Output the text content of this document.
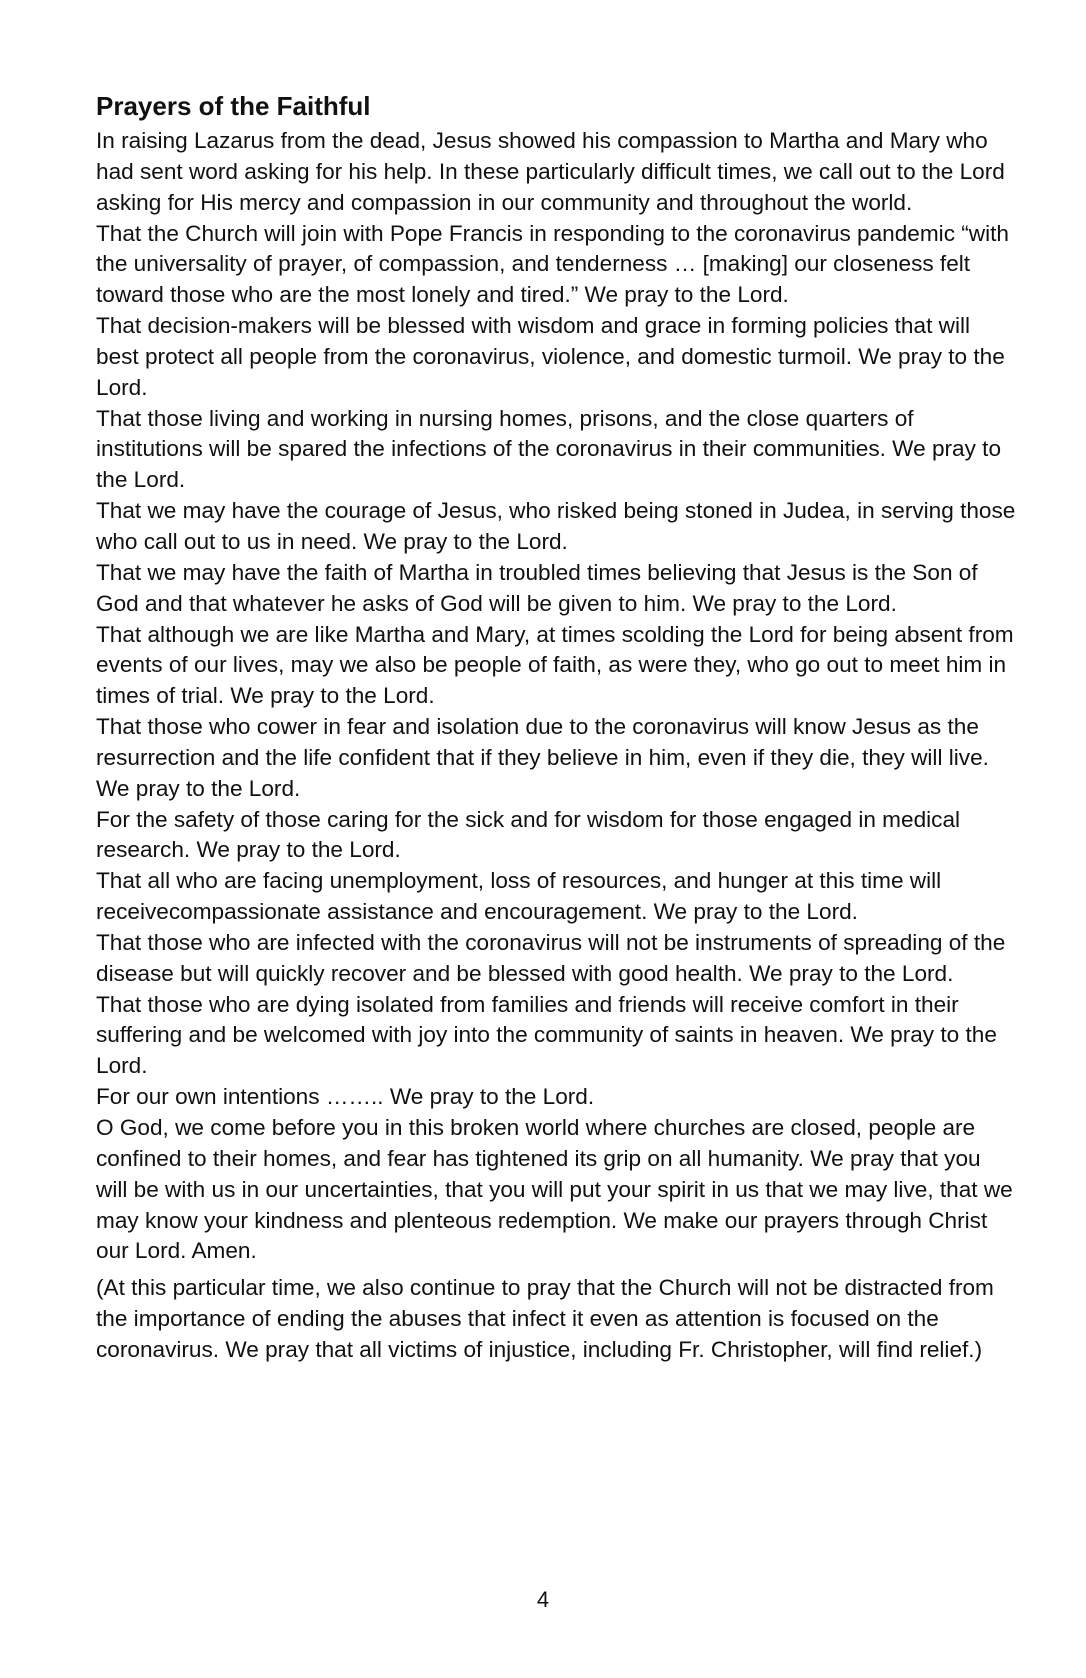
Prayers of the Faithful

In raising Lazarus from the dead, Jesus showed his compassion to Martha and Mary who had sent word asking for his help. In these particularly difficult times, we call out to the Lord asking for His mercy and compassion in our community and throughout the world.

That the Church will join with Pope Francis in responding to the coronavirus pandemic “with the universality of prayer, of compassion, and tenderness … [making] our closeness felt toward those who are the most lonely and tired.” We pray to the Lord.

That decision-makers will be blessed with wisdom and grace in forming policies that will best protect all people from the coronavirus, violence, and domestic turmoil. We pray to the Lord.

That those living and working in nursing homes, prisons, and the close quarters of institutions will be spared the infections of the coronavirus in their communities. We pray to the Lord.

That we may have the courage of Jesus, who risked being stoned in Judea, in serving those who call out to us in need. We pray to the Lord.

That we may have the faith of Martha in troubled times believing that Jesus is the Son of God and that whatever he asks of God will be given to him. We pray to the Lord.

That although we are like Martha and Mary, at times scolding the Lord for being absent from events of our lives, may we also be people of faith, as were they, who go out to meet him in times of trial. We pray to the Lord.

That those who cower in fear and isolation due to the coronavirus will know Jesus as the resurrection and the life confident that if they believe in him, even if they die, they will live. We pray to the Lord.

For the safety of those caring for the sick and for wisdom for those engaged in medical research. We pray to the Lord.

That all who are facing unemployment, loss of resources, and hunger at this time will receivecompassionate assistance and encouragement. We pray to the Lord.

That those who are infected with the coronavirus will not be instruments of spreading of the disease but will quickly recover and be blessed with good health. We pray to the Lord.

That those who are dying isolated from families and friends will receive comfort in their suffering and be welcomed with joy into the community of saints in heaven. We pray to the Lord.

For our own intentions …….. We pray to the Lord.

O God, we come before you in this broken world where churches are closed, people are confined to their homes, and fear has tightened its grip on all humanity. We pray that you will be with us in our uncertainties, that you will put your spirit in us that we may live, that we may know your kindness and plenteous redemption. We make our prayers through Christ our Lord. Amen.

(At this particular time, we also continue to pray that the Church will not be distracted from the importance of ending the abuses that infect it even as attention is focused on the coronavirus. We pray that all victims of injustice, including Fr. Christopher, will find relief.)

4
